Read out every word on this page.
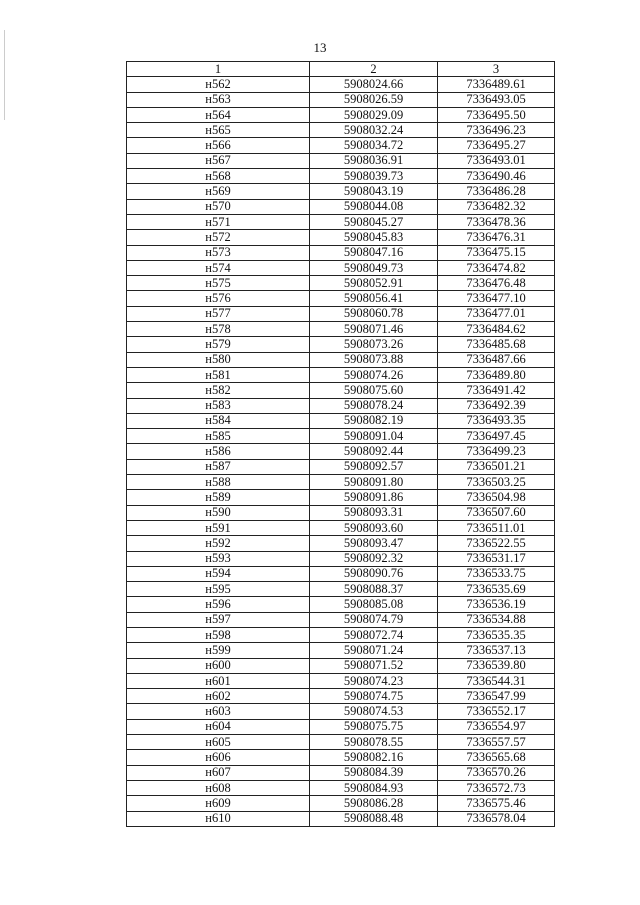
13
1	2	3
н562	5908024.66	7336489.61
н563	5908026.59	7336493.05
н564	5908029.09	7336495.50
н565	5908032.24	7336496.23
н566	5908034.72	7336495.27
н567	5908036.91	7336493.01
н568	5908039.73	7336490.46
н569	5908043.19	7336486.28
н570	5908044.08	7336482.32
н571	5908045.27	7336478.36
н572	5908045.83	7336476.31
н573	5908047.16	7336475.15
н574	5908049.73	7336474.82
н575	5908052.91	7336476.48
н576	5908056.41	7336477.10
н577	5908060.78	7336477.01
н578	5908071.46	7336484.62
н579	5908073.26	7336485.68
н580	5908073.88	7336487.66
н581	5908074.26	7336489.80
н582	5908075.60	7336491.42
н583	5908078.24	7336492.39
н584	5908082.19	7336493.35
н585	5908091.04	7336497.45
н586	5908092.44	7336499.23
н587	5908092.57	7336501.21
н588	5908091.80	7336503.25
н589	5908091.86	7336504.98
н590	5908093.31	7336507.60
н591	5908093.60	7336511.01
н592	5908093.47	7336522.55
н593	5908092.32	7336531.17
н594	5908090.76	7336533.75
н595	5908088.37	7336535.69
н596	5908085.08	7336536.19
н597	5908074.79	7336534.88
н598	5908072.74	7336535.35
н599	5908071.24	7336537.13
н600	5908071.52	7336539.80
н601	5908074.23	7336544.31
н602	5908074.75	7336547.99
н603	5908074.53	7336552.17
н604	5908075.75	7336554.97
н605	5908078.55	7336557.57
н606	5908082.16	7336565.68
н607	5908084.39	7336570.26
н608	5908084.93	7336572.73
н609	5908086.28	7336575.46
н610	5908088.48	7336578.04
